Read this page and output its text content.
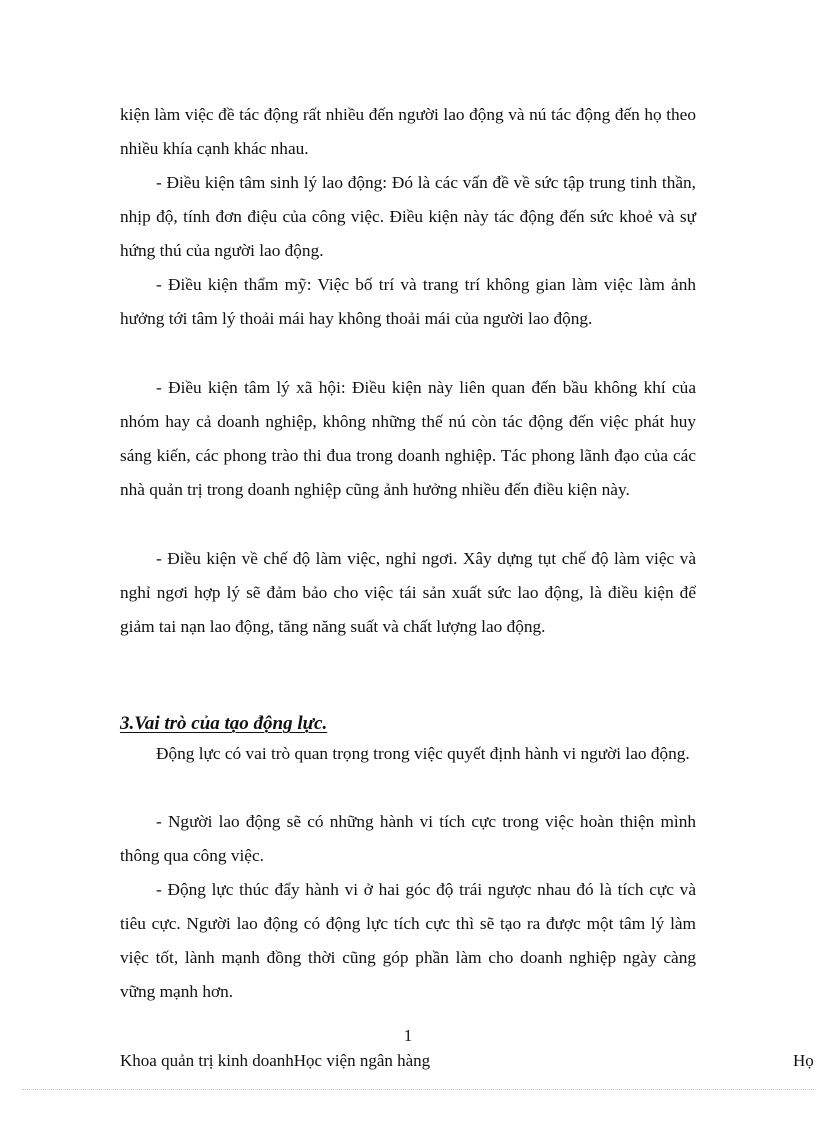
kiện làm việc đề tác động rất nhiều đến người lao động và nú tác động đến họ theo nhiều khía cạnh khác nhau.

- Điều kiện tâm sinh lý lao động: Đó là các vấn đề về sức tập trung tinh thần, nhịp độ, tính đơn điệu của công việc. Điều kiện này tác động đến sức khoẻ và sự hứng thú của người lao động.

- Điều kiện thẩm mỹ: Việc bố trí và trang trí không gian làm việc làm ảnh hưởng tới tâm lý thoải mái hay không thoải mái của người lao động.

- Điều kiện tâm lý xã hội: Điều kiện này liên quan đến bầu không khí của nhóm hay cả doanh nghiệp, không những thế nú còn tác động đến việc phát huy sáng kiến, các phong trào thi đua trong doanh nghiệp. Tác phong lãnh đạo của các nhà quản trị trong doanh nghiệp cũng ảnh hưởng nhiều đến điều kiện này.

- Điều kiện về chế độ làm việc, nghỉ ngơi. Xây dựng tụt chế độ làm việc và nghỉ ngơi hợp lý sẽ đảm bảo cho việc tái sản xuất sức lao động, là điều kiện để giảm tai nạn lao động, tăng năng suất và chất lượng lao động.

3.Vai trò của tạo động lực.

Động lực có vai trò quan trọng trong việc quyết định hành vi người lao động.

- Người lao động sẽ có những hành vi tích cực trong việc hoàn thiện mình thông qua công việc.

- Động lực thúc đẩy hành vi ở hai góc độ trái ngược nhau đó là tích cực và tiêu cực. Người lao động có động lực tích cực thì sẽ tạo ra được một tâm lý làm việc tốt, lành mạnh đồng thời cũng góp phần làm cho doanh nghiệp ngày càng vững mạnh hơn.

1

Khoa quản trị kinh doanhHọc viện ngân hàng	Họ
